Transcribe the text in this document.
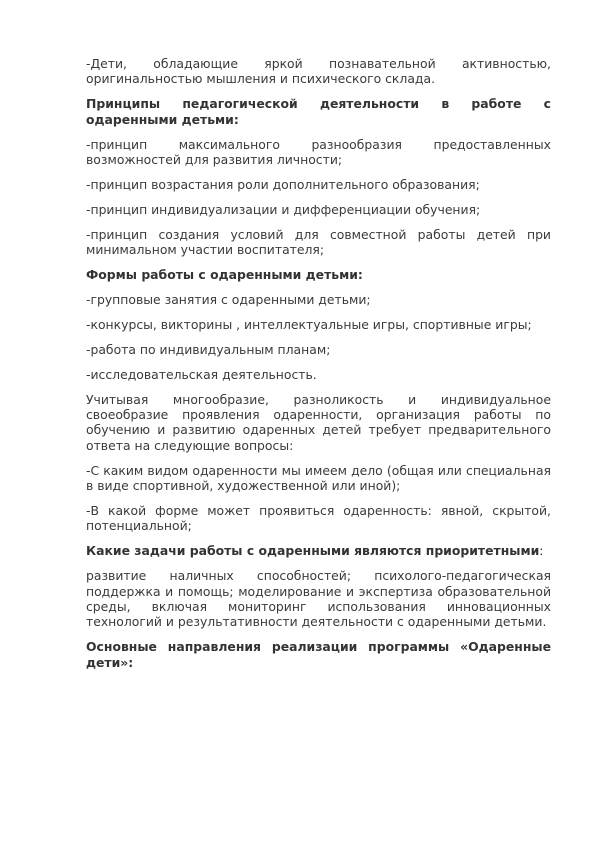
-Дети, обладающие яркой познавательной активностью, оригинальностью мышления и психического склада.

Принципы педагогической деятельности в работе с одаренными детьми:

-принцип максимального разнообразия предоставленных возможностей для развития личности;

-принцип возрастания роли дополнительного образования;

-принцип индивидуализации и дифференциации обучения;

-принцип создания условий для совместной работы детей при минимальном участии воспитателя;

Формы работы с одаренными детьми:

-групповые занятия с одаренными детьми;

-конкурсы, викторины , интеллектуальные игры, спортивные игры;

-работа по индивидуальным планам;

-исследовательская деятельность.

Учитывая многообразие, разноликость и индивидуальное своеобразие проявления одаренности, организация работы по обучению и развитию одаренных детей требует предварительного ответа на следующие вопросы:

-С каким видом одаренности мы имеем дело (общая или специальная в виде спортивной, художественной или иной);

-В какой форме может проявиться одаренность: явной, скрытой, потенциальной;

Какие задачи работы с одаренными являются приоритетными:

развитие наличных способностей; психолого-педагогическая поддержка и помощь; моделирование и экспертиза образовательной среды, включая мониторинг использования инновационных технологий и результативности деятельности с одаренными детьми.

Основные направления реализации программы «Одаренные дети»:
